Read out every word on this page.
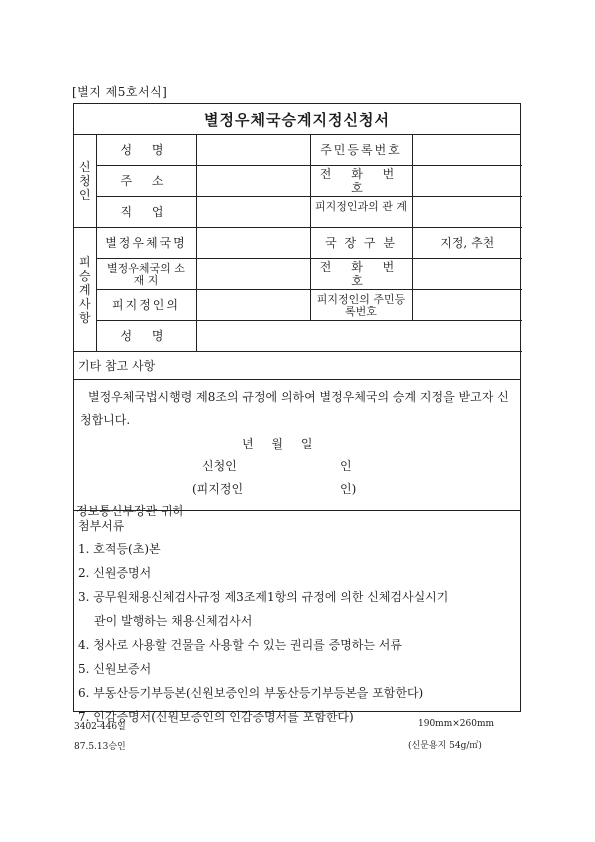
[별지 제5호서식]
별정우체국승계지정신청서
신
청
인	성 명		주민등록번호	
	주 소		전 화 번 호	
	직 업		피지정인과의 관 계	

피
승
계
사
항	별정우체국명		국 장 구 분	지정, 추천

	별정우체국의 소 재 지		전 화 번 호	
	피지정인의		피지정인의 주민등록번호	

	성 명			
기타 참고 사항
별정우체국법시행령 제8조의 규정에 의하여 별정우체국의 승계 지정을 받고자 신청합니다.
년 월 일
신청인	인
(피지정인	인)
정보통신부장관 귀하
첨부서류
1. 호적등(초)본
2. 신원증명서
3. 공무원채용신체검사규정 제3조제1항의 규정에 의한 신체검사실시기
관이 발행하는 채용신체검사서
4. 청사로 사용할 건물을 사용할 수 있는 권리를 증명하는 서류
5. 신원보증서
6. 부동산등기부등본(신원보증인의 부동산등기부등본을 포함한다)
7. 인감증명서(신원보증인의 인감증명서를 포함한다)
3402-446일
87.5.13승인
190mm×260mm
(신문용지 54g/㎡)
